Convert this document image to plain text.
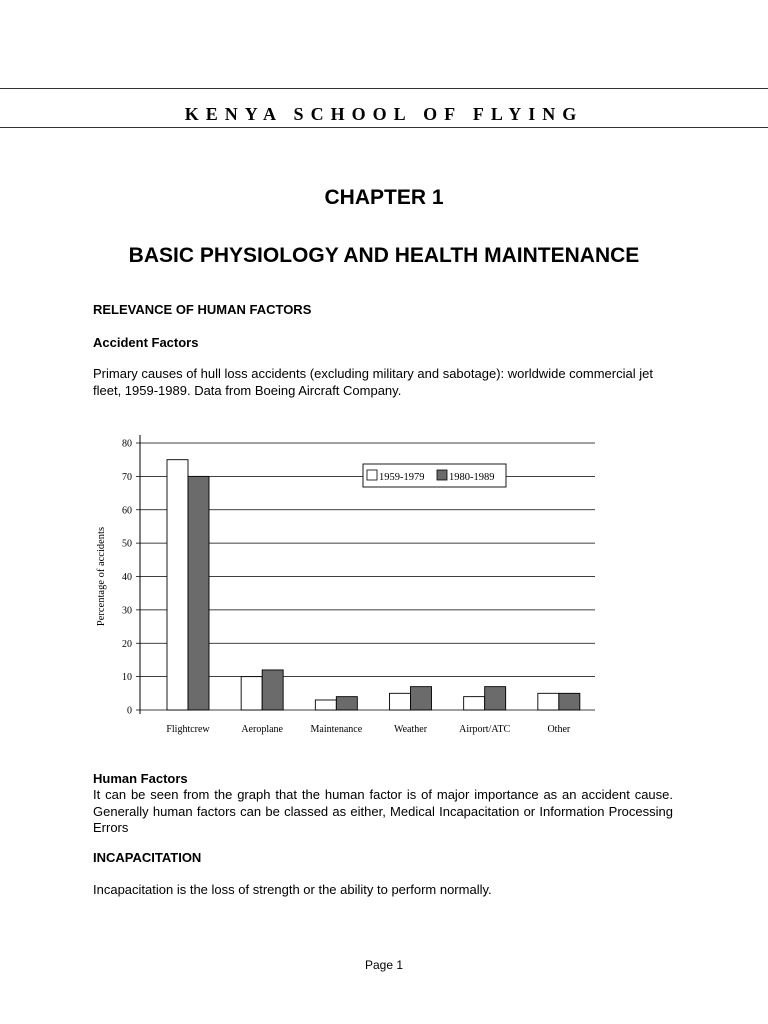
KENYA SCHOOL OF FLYING
CHAPTER 1
BASIC PHYSIOLOGY AND HEALTH MAINTENANCE
RELEVANCE OF HUMAN FACTORS
Accident Factors
Primary causes of hull loss accidents (excluding military and sabotage): worldwide commercial jet fleet, 1959-1989. Data from Boeing Aircraft Company.
0
10
20
30
40
50
60
70
80
Percentage of accidents
Flightcrew	Aeroplane	Maintenance	Weather	Airport/ATC	Other
1959-1979 1980-1989
Human Factors
It can be seen from the graph that the human factor is of major importance as an accident cause. Generally human factors can be classed as either, Medical Incapacitation or Information Processing Errors
INCAPACITATION
Incapacitation is the loss of strength or the ability to perform normally.
Page 1
